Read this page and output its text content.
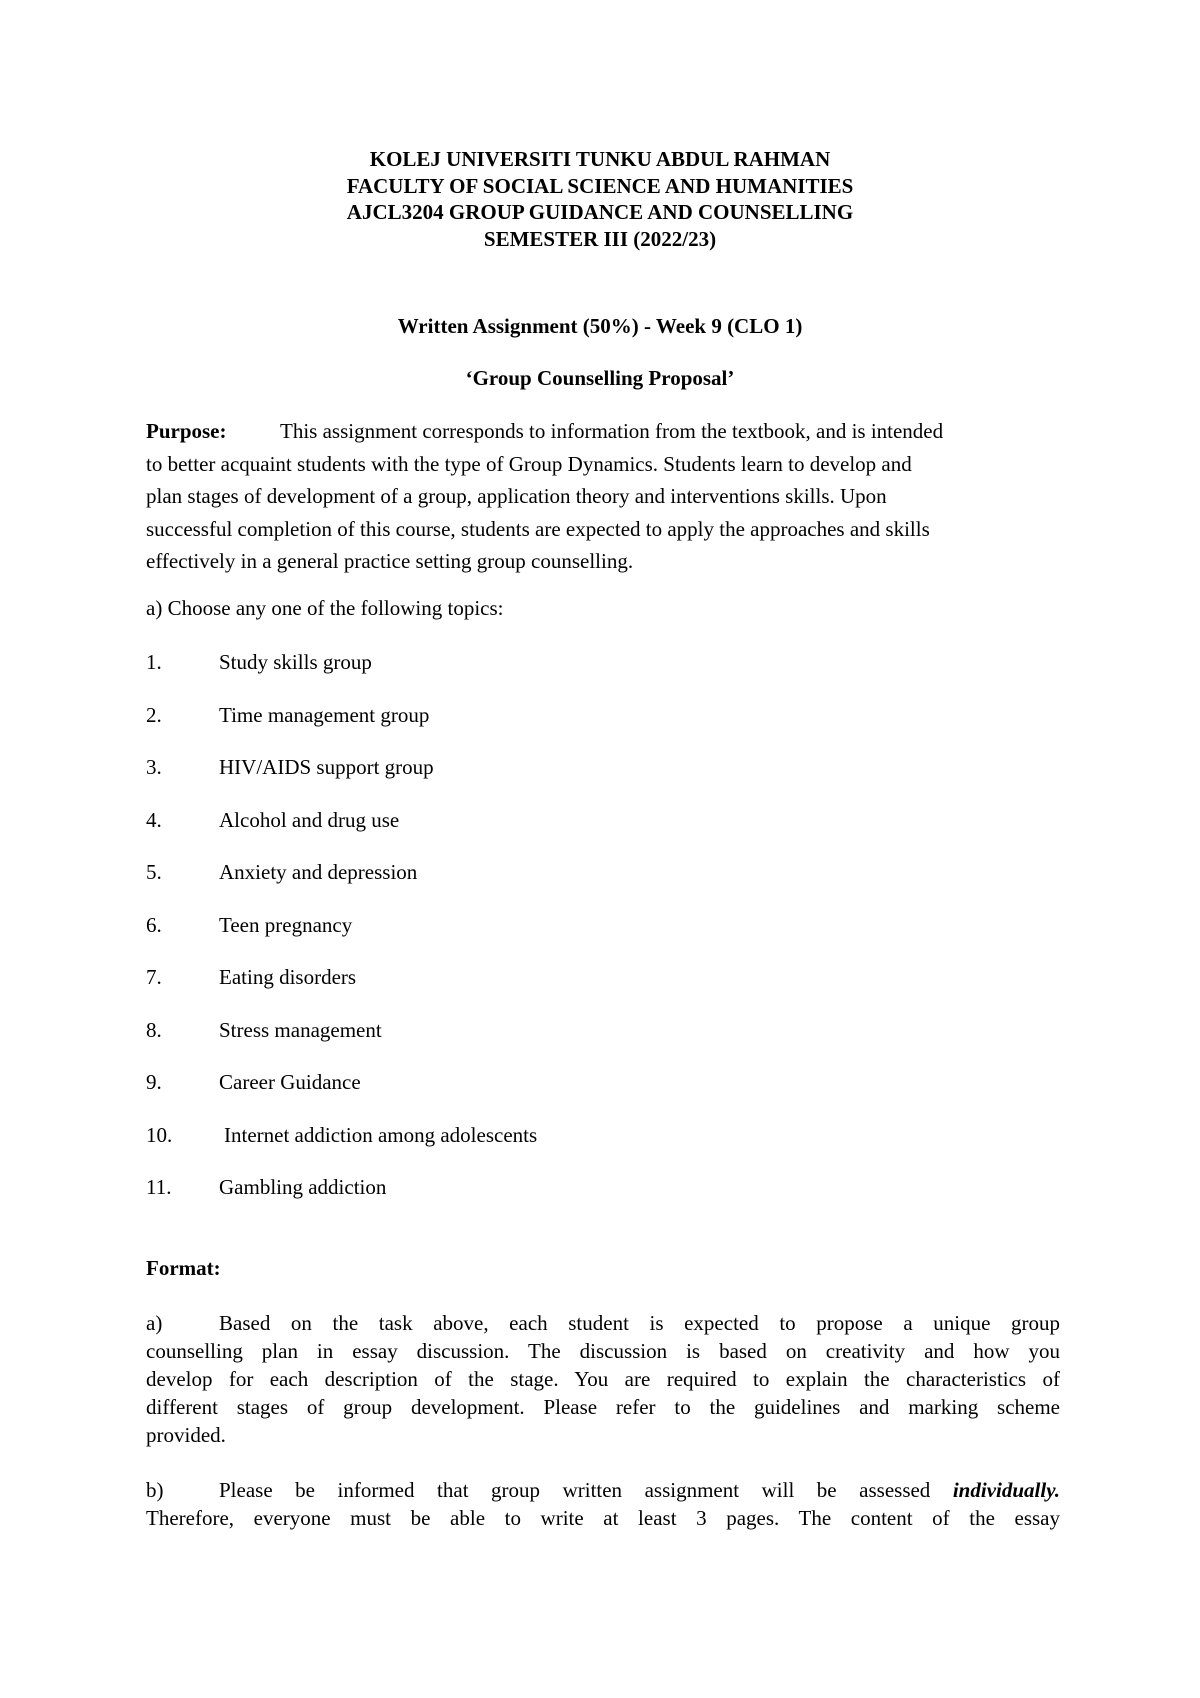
KOLEJ UNIVERSITI TUNKU ABDUL RAHMAN
FACULTY OF SOCIAL SCIENCE AND HUMANITIES
AJCL3204 GROUP GUIDANCE AND COUNSELLING
SEMESTER III (2022/23)
Written Assignment (50%) - Week 9 (CLO 1)
‘Group Counselling Proposal’
Purpose:	This assignment corresponds to information from the textbook, and is intended
to better acquaint students with the type of Group Dynamics. Students learn to develop and
plan stages of development of a group, application theory and interventions skills. Upon
successful completion of this course, students are expected to apply the approaches and skills
effectively in a general practice setting group counselling.
a) Choose any one of the following topics:
1.	Study skills group
2.	Time management group
3.	HIV/AIDS support group
4.	Alcohol and drug use
5.	Anxiety and depression
6.	Teen pregnancy
7.	Eating disorders
8.	Stress management
9.	Career Guidance
10. Internet addiction among adolescents
11. Gambling addiction
Format:
a)	Based on the task above, each student is expected to propose a unique group
counselling plan in essay discussion. The discussion is based on creativity and how you
develop for each description of the stage. You are required to explain the characteristics of
different stages of group development. Please refer to the guidelines and marking scheme
provided.
b)	Please be informed that group written assignment will be assessed individually.
Therefore, everyone must be able to write at least 3 pages. The content of the essay
